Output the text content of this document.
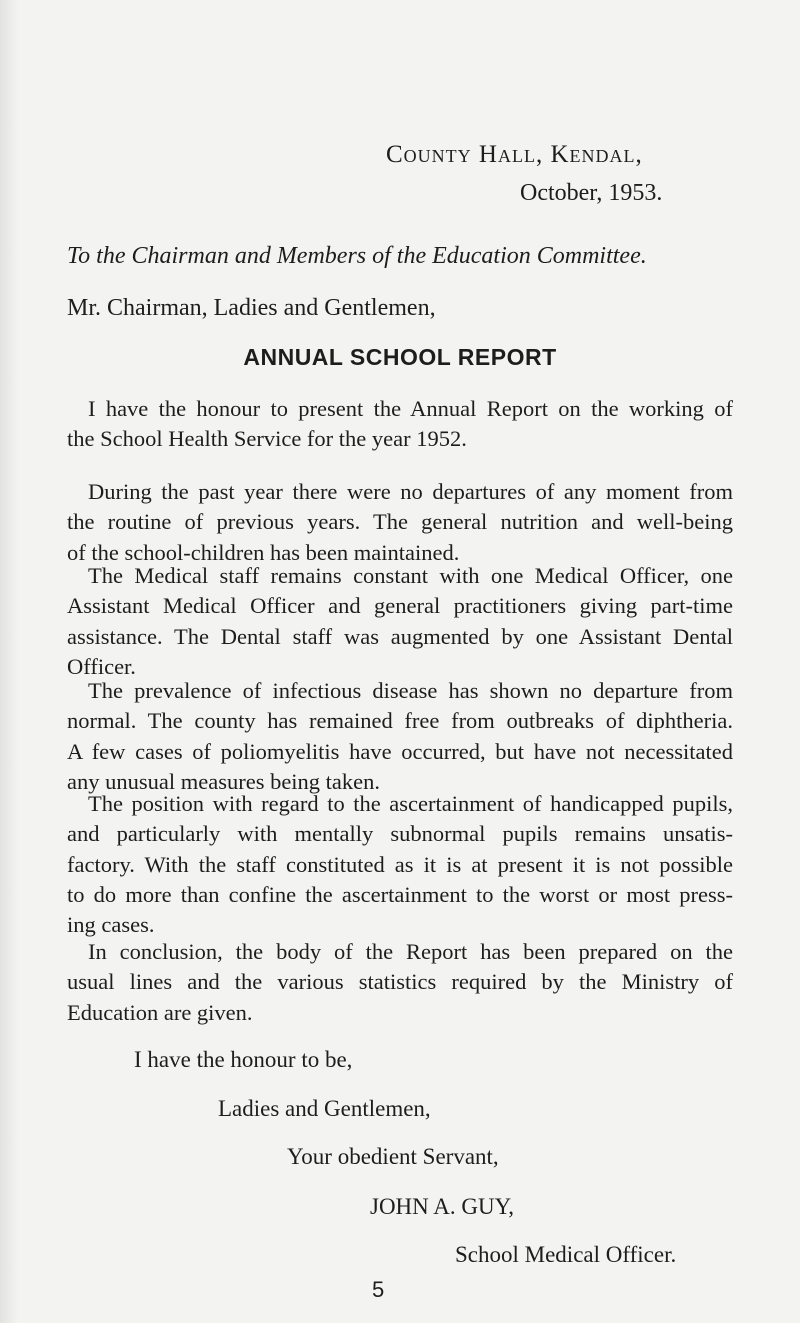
County Hall, Kendal,
October, 1953.
To the Chairman and Members of the Education Committee.
Mr. Chairman, Ladies and Gentlemen,
ANNUAL SCHOOL REPORT
I have the honour to present the Annual Report on the working of
the School Health Service for the year 1952.
During the past year there were no departures of any moment from
the routine of previous years. The general nutrition and well-being
of the school-children has been maintained.
The Medical staff remains constant with one Medical Officer, one
Assistant Medical Officer and general practitioners giving part-time
assistance. The Dental staff was augmented by one Assistant Dental
Officer.
The prevalence of infectious disease has shown no departure from
normal. The county has remained free from outbreaks of diphtheria.
A few cases of poliomyelitis have occurred, but have not necessitated
any unusual measures being taken.
The position with regard to the ascertainment of handicapped pupils,
and particularly with mentally subnormal pupils remains unsatis-
factory. With the staff constituted as it is at present it is not possible
to do more than confine the ascertainment to the worst or most press-
ing cases.
In conclusion, the body of the Report has been prepared on the
usual lines and the various statistics required by the Ministry of
Education are given.
I have the honour to be,
Ladies and Gentlemen,
Your obedient Servant,
JOHN A. GUY,
School Medical Officer.
5
